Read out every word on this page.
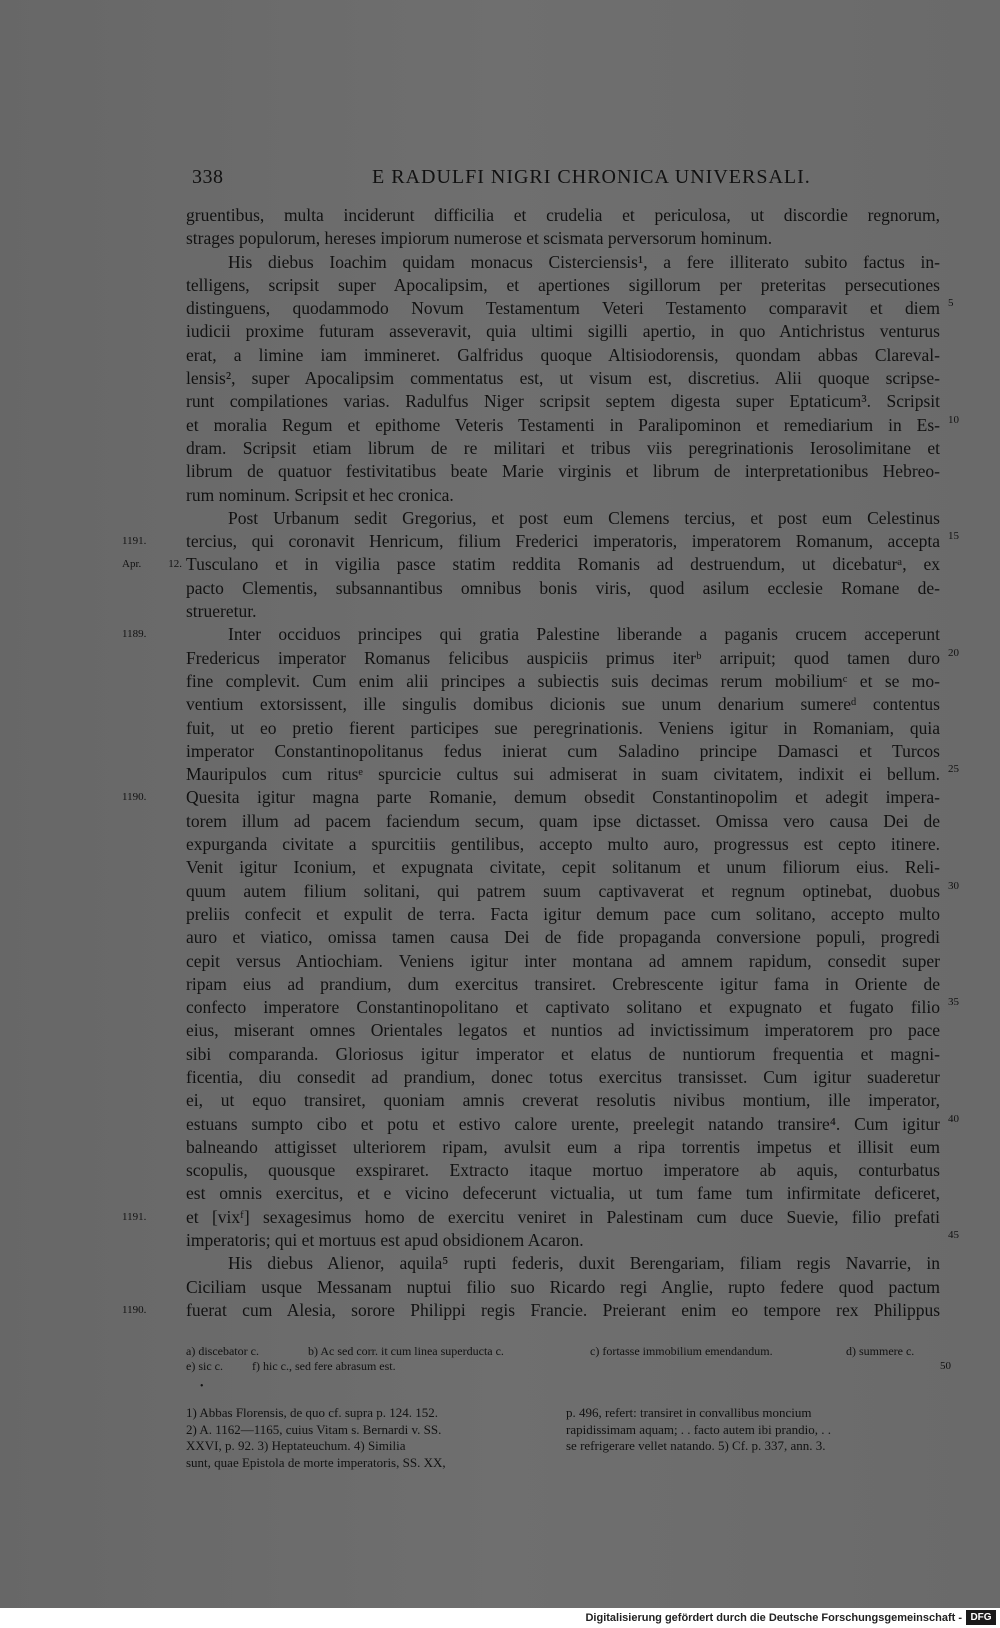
338	E RADULFI NIGRI CHRONICA UNIVERSALI.
gruentibus, multa inciderunt difficilia et crudelia et periculosa, ut discordie regnorum,
strages populorum, hereses impiorum numerose et scismata perversorum hominum.
His diebus Ioachim quidam monacus Cisterciensis¹, a fere illiterato subito factus in-
telligens, scripsit super Apocalipsim, et apertiones sigillorum per preteritas persecutiones
distinguens, quodammodo Novum Testamentum Veteri Testamento comparavit et diem 5
iudicii proxime futuram asseveravit, quia ultimi sigilli apertio, in quo Antichristus venturus
erat, a limine iam immineret. Galfridus quoque Altisiodorensis, quondam abbas Clareval-
lensis², super Apocalipsim commentatus est, ut visum est, discretius. Alii quoque scripse-
runt compilationes varias. Radulfus Niger scripsit septem digesta super Eptaticum³. Scripsit
et moralia Regum et epithome Veteris Testamenti in Paralipominon et remediarium in Es- 10
dram. Scripsit etiam librum de re militari et tribus viis peregrinationis Ierosolimitane et
librum de quatuor festivitatibus beate Marie virginis et librum de interpretationibus Hebreo-
rum nominum. Scripsit et hec cronica.
Post Urbanum sedit Gregorius, et post eum Clemens tercius, et post eum Celestinus
tercius, qui coronavit Henricum, filium Frederici imperatoris, imperatorem Romanum, accepta 15
1191.
Tusculano et in vigilia pasce statim reddita Romanis ad destruendum, ut dicebaturᵃ, ex
Apr. 12.
pacto Clementis, subsannantibus omnibus bonis viris, quod asilum ecclesie Romane de-
strueretur.
Inter occiduos principes qui gratia Palestine liberande a paganis crucem acceperunt
1189.
Fredericus imperator Romanus felicibus auspiciis primus iterᵇ arripuit; quod tamen duro 20
fine complevit. Cum enim alii principes a subiectis suis decimas rerum mobiliumᶜ et se mo-
ventium extorsissent, ille singulis domibus dicionis sue unum denarium sumereᵈ contentus
fuit, ut eo pretio fierent participes sue peregrinationis. Veniens igitur in Romaniam, quia
imperator Constantinopolitanus fedus inierat cum Saladino principe Damasci et Turcos
Mauripulos cum ritusᵉ spurcicie cultus sui admiserat in suam civitatem, indixit ei bellum. 25
Quesita igitur magna parte Romanie, demum obsedit Constantinopolim et adegit impera-
1190.
torem illum ad pacem faciendum secum, quam ipse dictasset. Omissa vero causa Dei de
expurganda civitate a spurcitiis gentilibus, accepto multo auro, progressus est cepto itinere.
Venit igitur Iconium, et expugnata civitate, cepit solitanum et unum filiorum eius. Reli-
quum autem filium solitani, qui patrem suum captivaverat et regnum optinebat, duobus 30
preliis confecit et expulit de terra. Facta igitur demum pace cum solitano, accepto multo
auro et viatico, omissa tamen causa Dei de fide propaganda conversione populi, progredi
cepit versus Antiochiam. Veniens igitur inter montana ad amnem rapidum, consedit super
ripam eius ad prandium, dum exercitus transiret. Crebrescente igitur fama in Oriente de
confecto imperatore Constantinopolitano et captivato solitano et expugnato et fugato filio 35
eius, miserant omnes Orientales legatos et nuntios ad invictissimum imperatorem pro pace
sibi comparanda. Gloriosus igitur imperator et elatus de nuntiorum frequentia et magni-
ficentia, diu consedit ad prandium, donec totus exercitus transisset. Cum igitur suaderetur
ei, ut equo transiret, quoniam amnis creverat resolutis nivibus montium, ille imperator,
estuans sumpto cibo et potu et estivo calore urente, preelegit natando transire⁴. Cum igitur 40
balneando attigisset ulteriorem ripam, avulsit eum a ripa torrentis impetus et illisit eum
scopulis, quousque exspiraret. Extracto itaque mortuo imperatore ab aquis, conturbatus
est omnis exercitus, et e vicino defecerunt victualia, ut tum fame tum infirmitate deficeret,
et [vixᶠ] sexagesimus homo de exercitu veniret in Palestinam cum duce Suevie, filio prefati
1191.
imperatoris; qui et mortuus est apud obsidionem Acaron.	45
His diebus Alienor, aquila⁵ rupti federis, duxit Berengariam, filiam regis Navarrie, in
Ciciliam usque Messanam nuptui filio suo Ricardo regi Anglie, rupto federe quod pactum
fuerat cum Alesia, sorore Philippi regis Francie. Preierant enim eo tempore rex Philippus
1190.
a) discebator c.	b) Ac sed corr. it cum linea superducta c.	c) fortasse immobilium emendandum.	d) summere c.
e) sic c. f) hic c., sed fere abrasum est.	50
•
1) Abbas Florensis, de quo cf. supra p. 124. 152.
2) A. 1162—1165, cuius Vitam s. Bernardi v. SS.
XXVI, p. 92. 3) Heptateuchum. 4) Similia
sunt, quae Epistola de morte imperatoris, SS. XX,
p. 496, refert: transiret in convallibus moncium
rapidissimam aquam; . . facto autem ibi prandio, . .
se refrigerare vellet natando. 5) Cf. p. 337, ann. 3.
Digitalisierung gefördert durch die Deutsche Forschungsgemeinschaft - DFG
